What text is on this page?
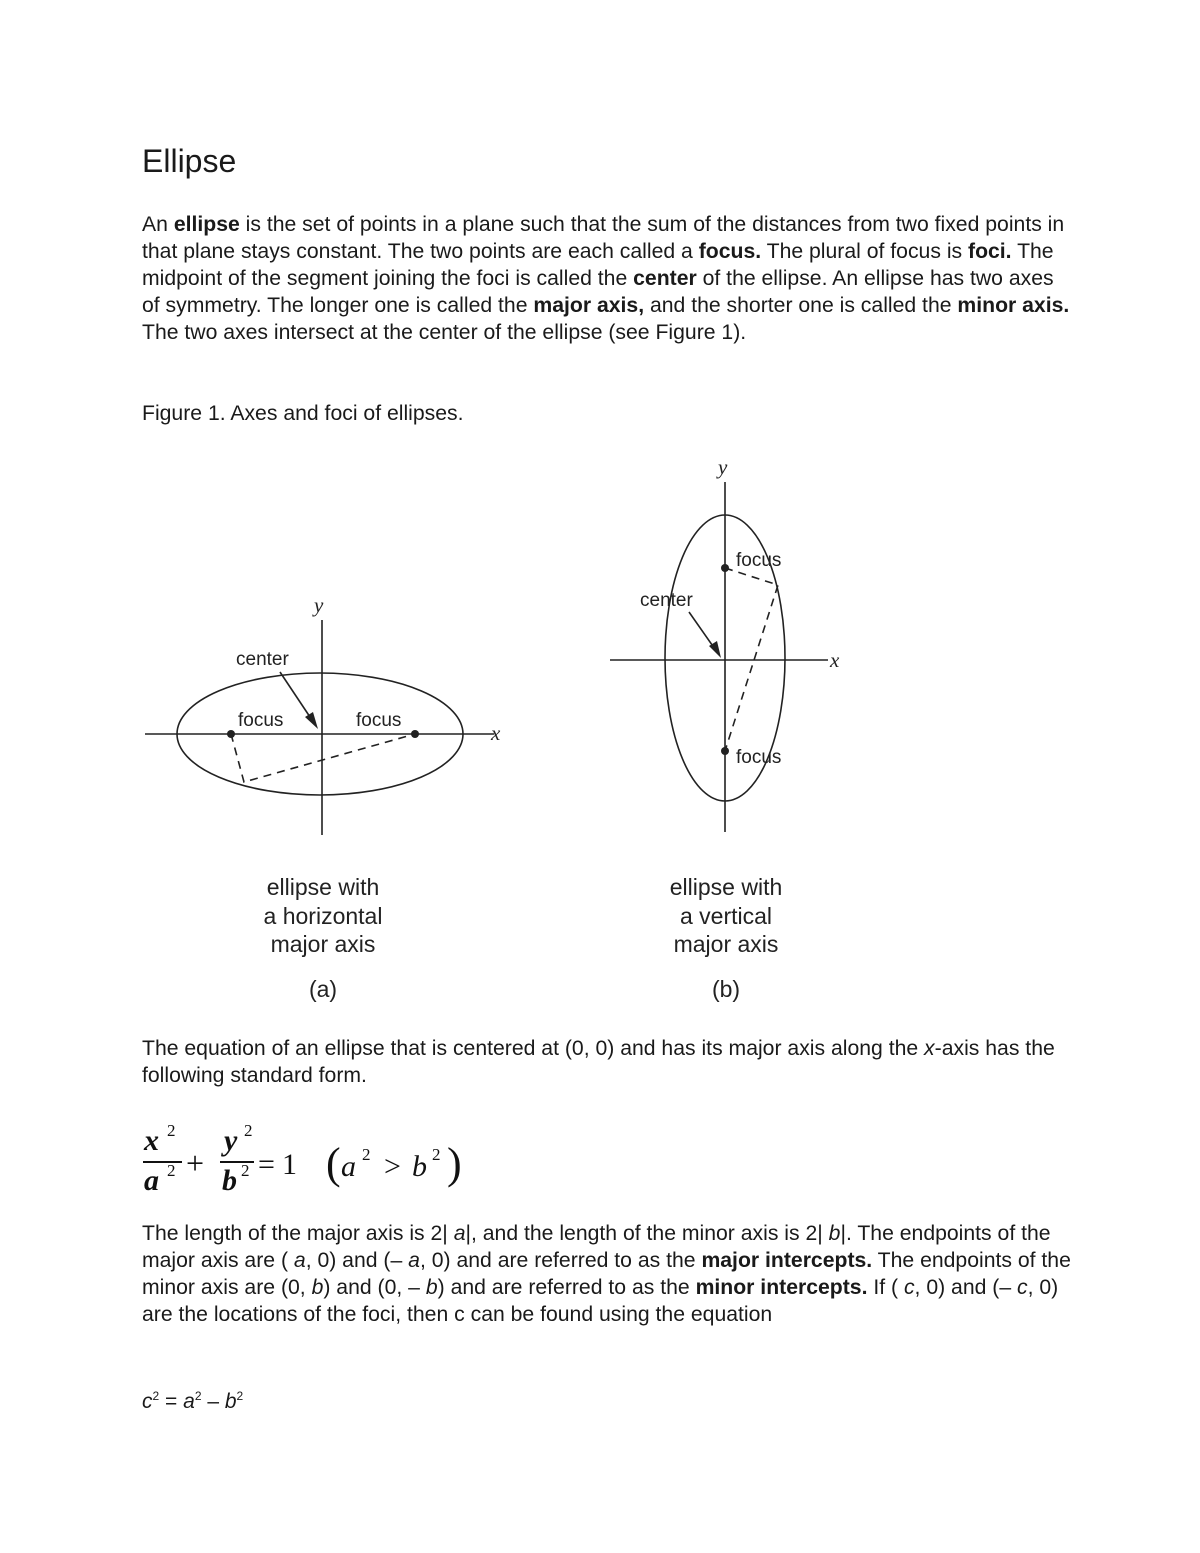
Ellipse

An ellipse is the set of points in a plane such that the sum of the distances from two fixed points in that plane stays constant. The two points are each called a focus. The plural of focus is foci. The midpoint of the segment joining the foci is called the center of the ellipse. An ellipse has two axes of symmetry. The longer one is called the major axis, and the shorter one is called the minor axis. The two axes intersect at the center of the ellipse (see Figure 1).

Figure 1. Axes and foci of ellipses.

y
x
center
focus	focus
y
x
center
focus
focus
ellipse with
a horizontal
major axis
(a)
ellipse with
a vertical
major axis
(b)

The equation of an ellipse that is centered at (0, 0) and has its major axis along the x-axis has the following standard form.

x
a
y
b	a b
2
2
2
2
2	2
+ = 1 ( > )

The length of the major axis is 2| a|, and the length of the minor axis is 2| b|. The endpoints of the major axis are ( a, 0) and (– a, 0) and are referred to as the major intercepts. The endpoints of the minor axis are (0, b) and (0, – b) and are referred to as the minor intercepts. If ( c, 0) and (– c, 0) are the locations of the foci, then c can be found using the equation

$c^2 = a^2 - b^2$
